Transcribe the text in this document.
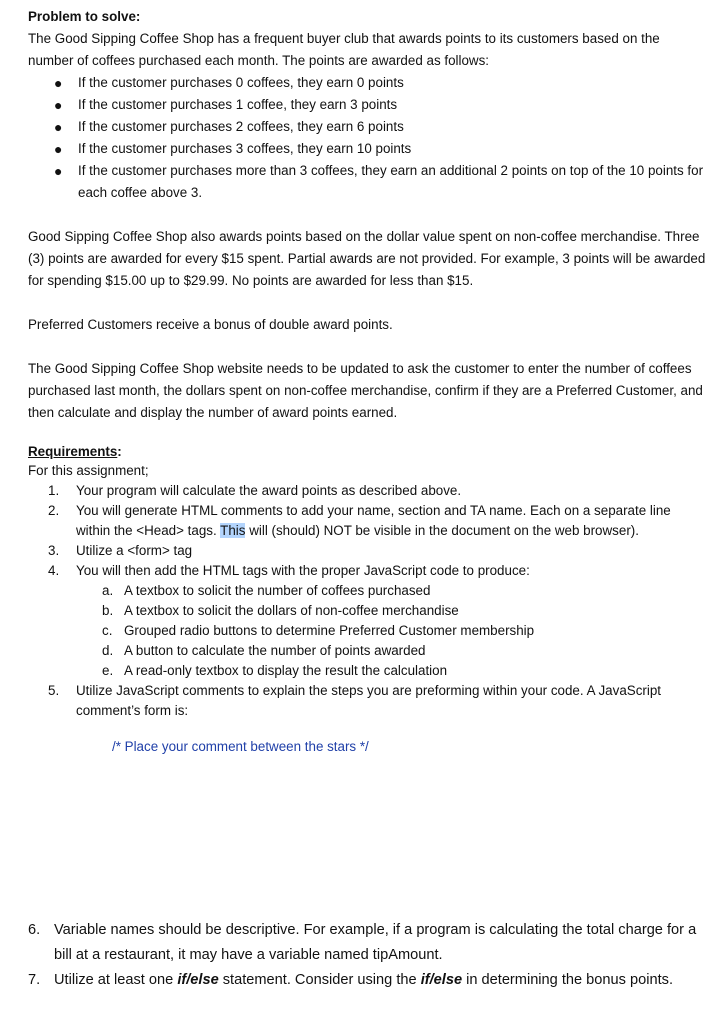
Problem to solve:

The Good Sipping Coffee Shop has a frequent buyer club that awards points to its customers based on the number of coffees purchased each month. The points are awarded as follows:

● If the customer purchases 0 coffees, they earn 0 points
● If the customer purchases 1 coffee, they earn 3 points
● If the customer purchases 2 coffees, they earn 6 points
● If the customer purchases 3 coffees, they earn 10 points
● If the customer purchases more than 3 coffees, they earn an additional 2 points on top of the 10 points for each coffee above 3.

Good Sipping Coffee Shop also awards points based on the dollar value spent on non-coffee merchandise. Three (3) points are awarded for every $15 spent. Partial awards are not provided. For example, 3 points will be awarded for spending $15.00 up to $29.99. No points are awarded for less than $15.

Preferred Customers receive a bonus of double award points.

The Good Sipping Coffee Shop website needs to be updated to ask the customer to enter the number of coffees purchased last month, the dollars spent on non-coffee merchandise, confirm if they are a Preferred Customer, and then calculate and display the number of award points earned.

Requirements:

For this assignment;

1. Your program will calculate the award points as described above.
2. You will generate HTML comments to add your name, section and TA name. Each on a separate line within the <Head> tags. This will (should) NOT be visible in the document on the web browser).
3. Utilize a <form> tag
4. You will then add the HTML tags with the proper JavaScript code to produce:
a. A textbox to solicit the number of coffees purchased
b. A textbox to solicit the dollars of non-coffee merchandise
c. Grouped radio buttons to determine Preferred Customer membership
d. A button to calculate the number of points awarded
e. A read-only textbox to display the result the calculation
5. Utilize JavaScript comments to explain the steps you are preforming within your code. A JavaScript comment’s form is:

/* Place your comment between the stars */

6. Variable names should be descriptive. For example, if a program is calculating the total charge for a bill at a restaurant, it may have a variable named tipAmount.
7. Utilize at least one if/else statement. Consider using the if/else in determining the bonus points.
